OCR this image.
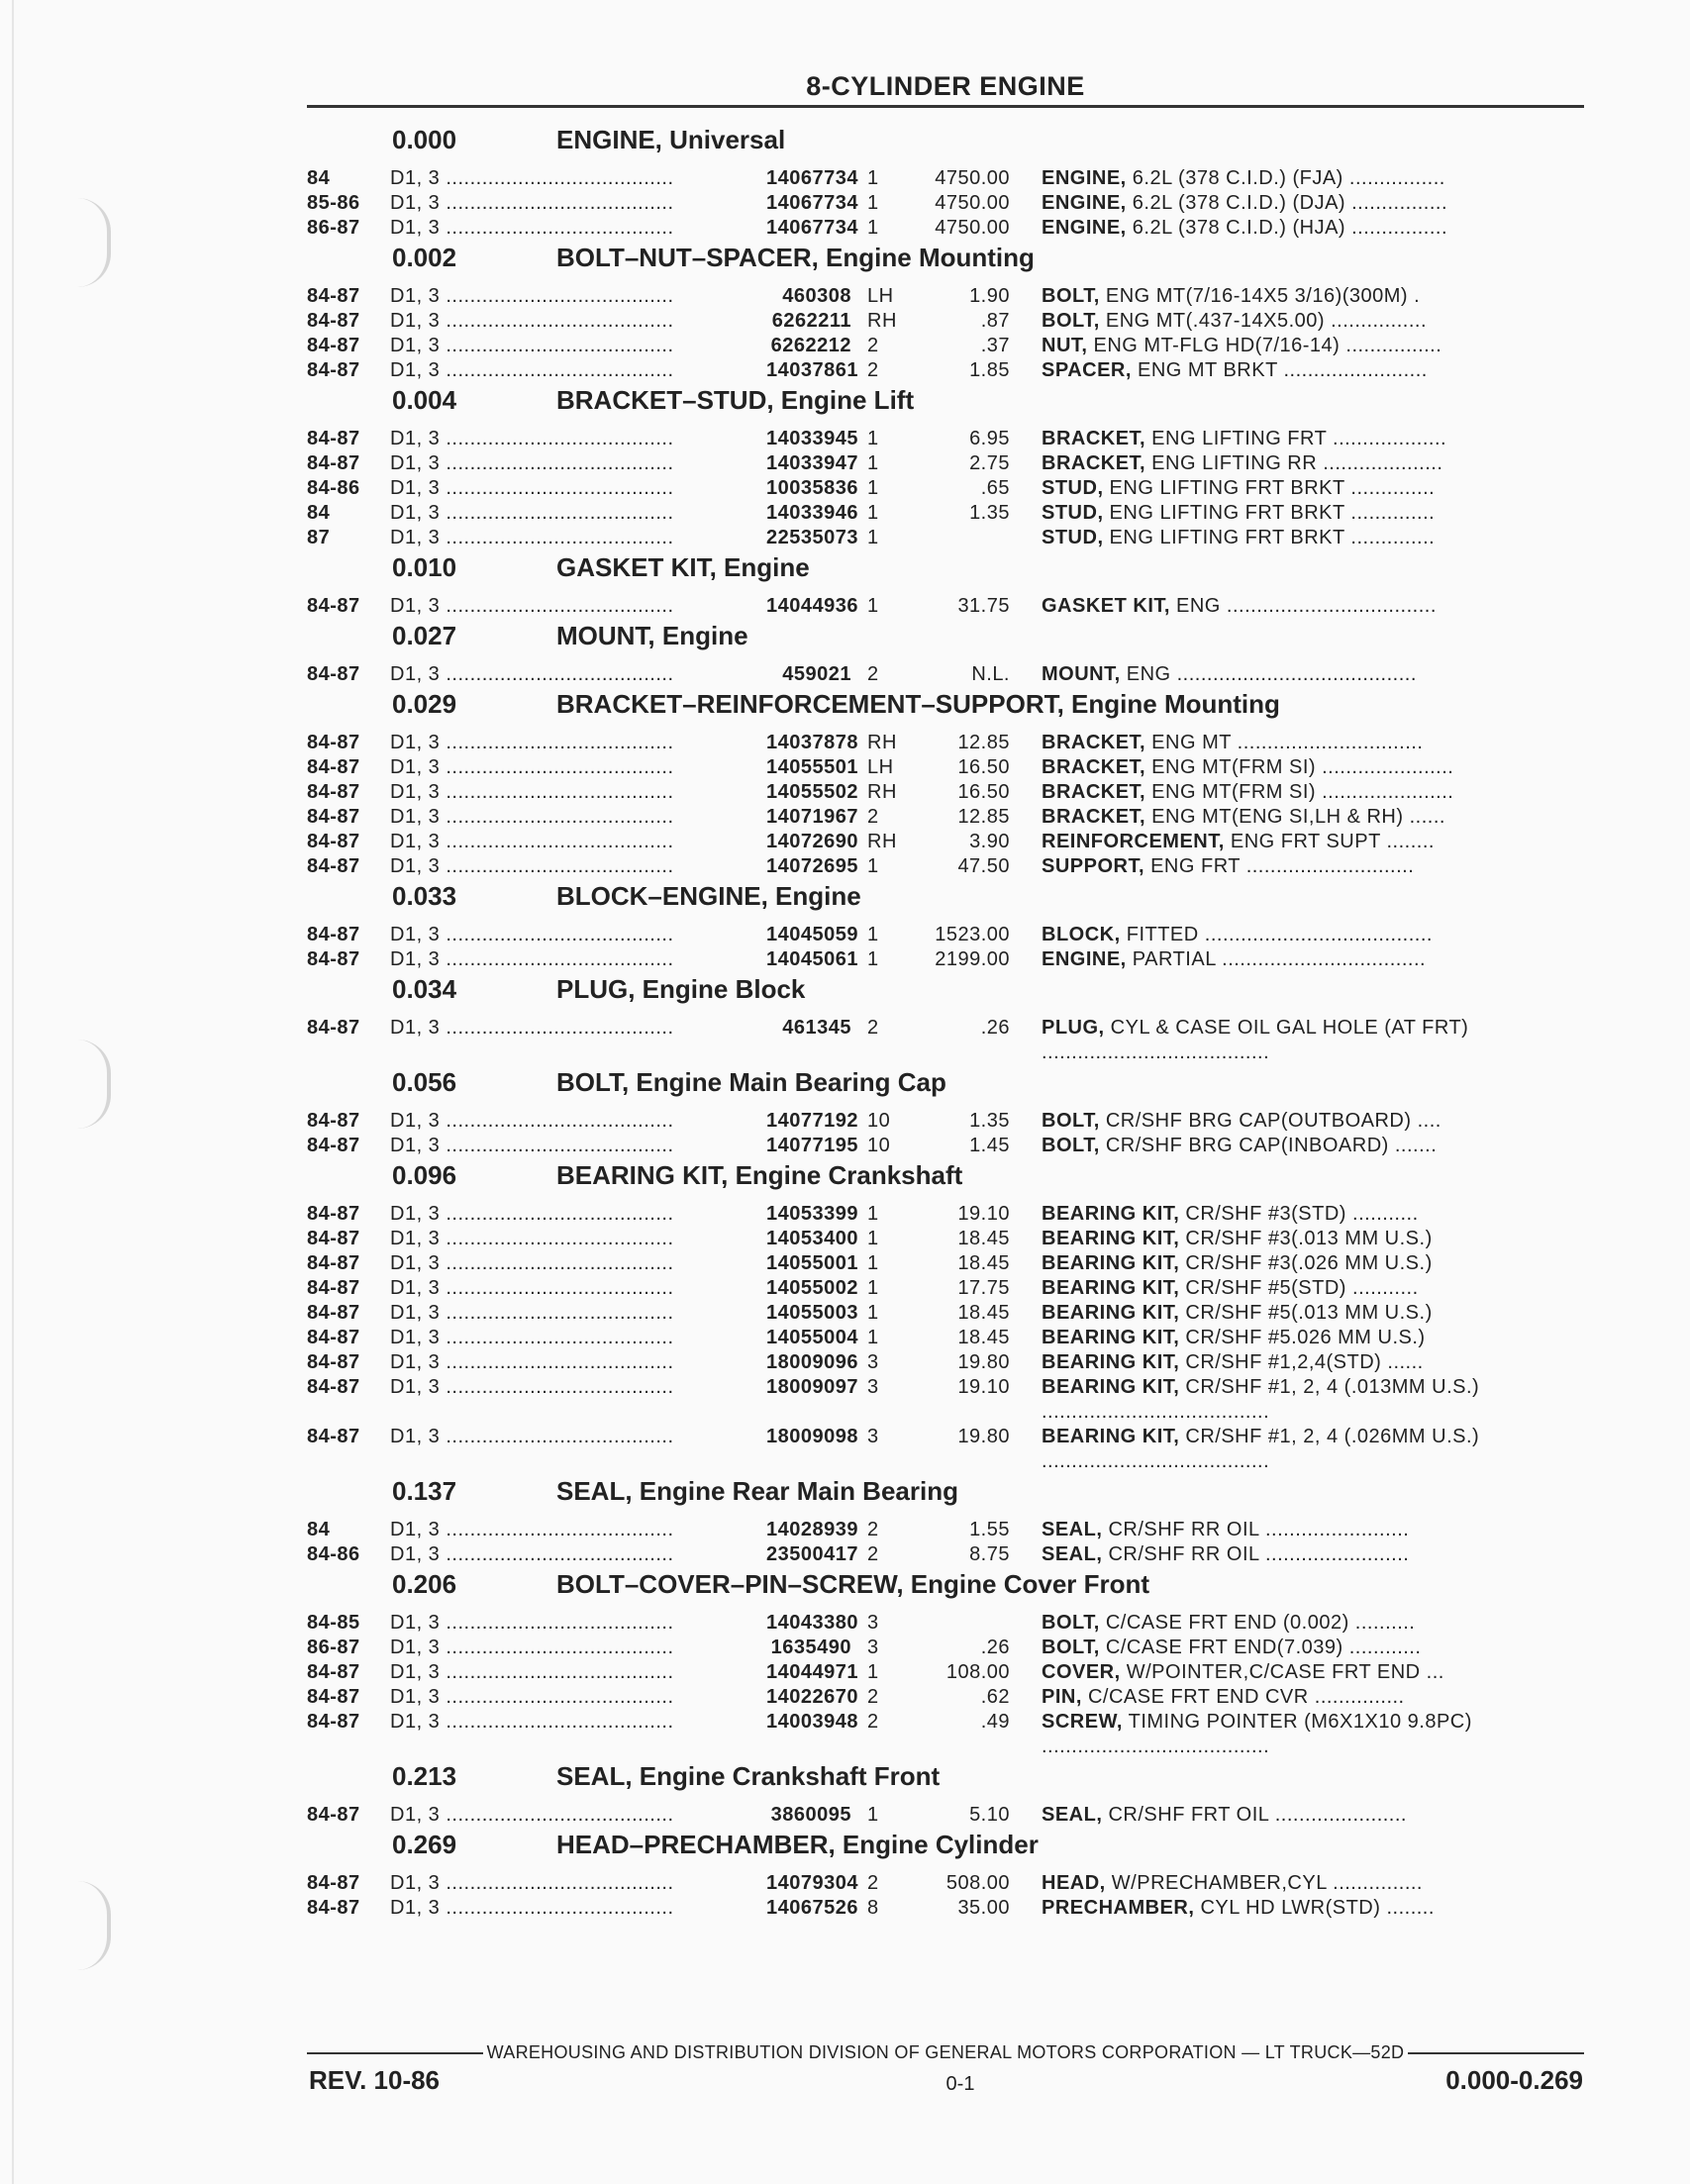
8-CYLINDER ENGINE
0.000	ENGINE, Universal
84	D1, 3 ......................................	14067734 1	4750.00 ENGINE, 6.2L (378 C.I.D.) (FJA) ................
85-86	D1, 3 ......................................	14067734 1	4750.00 ENGINE, 6.2L (378 C.I.D.) (DJA) ................
86-87	D1, 3 ......................................	14067734 1	4750.00 ENGINE, 6.2L (378 C.I.D.) (HJA) ................
0.002	BOLT–NUT–SPACER, Engine Mounting
84-87	D1, 3 ......................................	460308 LH	1.90 BOLT, ENG MT(7/16-14X5 3/16)(300M) .
84-87	D1, 3 ......................................	6262211 RH	.87 BOLT, ENG MT(.437-14X5.00) ................
84-87	D1, 3 ......................................	6262212 2	.37 NUT, ENG MT-FLG HD(7/16-14) ................
84-87	D1, 3 ......................................	14037861 2	1.85 SPACER, ENG MT BRKT ........................
0.004	BRACKET–STUD, Engine Lift
84-87	D1, 3 ......................................	14033945 1	6.95 BRACKET, ENG LIFTING FRT ...................
84-87	D1, 3 ......................................	14033947 1	2.75 BRACKET, ENG LIFTING RR ....................
84-86	D1, 3 ......................................	10035836 1	.65 STUD, ENG LIFTING FRT BRKT ..............
84	D1, 3 ......................................	14033946 1	1.35 STUD, ENG LIFTING FRT BRKT ..............
87	D1, 3 ......................................	22535073 1	STUD, ENG LIFTING FRT BRKT ..............
0.010	GASKET KIT, Engine
84-87	D1, 3 ......................................	14044936 1	31.75 GASKET KIT, ENG ...................................
0.027	MOUNT, Engine
84-87	D1, 3 ......................................	459021 2	N.L. MOUNT, ENG ........................................
0.029	BRACKET–REINFORCEMENT–SUPPORT, Engine Mounting
84-87	D1, 3 ......................................	14037878 RH	12.85 BRACKET, ENG MT ...............................
84-87	D1, 3 ......................................	14055501 LH	16.50 BRACKET, ENG MT(FRM SI) ......................
84-87	D1, 3 ......................................	14055502 RH	16.50 BRACKET, ENG MT(FRM SI) ......................
84-87	D1, 3 ......................................	14071967 2	12.85 BRACKET, ENG MT(ENG SI,LH & RH) ......
84-87	D1, 3 ......................................	14072690 RH	3.90 REINFORCEMENT, ENG FRT SUPT ........
84-87	D1, 3 ......................................	14072695 1	47.50 SUPPORT, ENG FRT ............................
0.033	BLOCK–ENGINE, Engine
84-87	D1, 3 ......................................	14045059 1	1523.00 BLOCK, FITTED ......................................
84-87	D1, 3 ......................................	14045061 1	2199.00 ENGINE, PARTIAL ..................................
0.034	PLUG, Engine Block
84-87	D1, 3 ......................................	461345 2	.26 PLUG, CYL & CASE OIL GAL HOLE (AT FRT) ......................................
0.056	BOLT, Engine Main Bearing Cap
84-87	D1, 3 ......................................	14077192 10	1.35 BOLT, CR/SHF BRG CAP(OUTBOARD) ....
84-87	D1, 3 ......................................	14077195 10	1.45 BOLT, CR/SHF BRG CAP(INBOARD) .......
0.096	BEARING KIT, Engine Crankshaft
84-87	D1, 3 ......................................	14053399 1	19.10 BEARING KIT, CR/SHF #3(STD) ...........
84-87	D1, 3 ......................................	14053400 1	18.45 BEARING KIT, CR/SHF #3(.013 MM U.S.)
84-87	D1, 3 ......................................	14055001 1	18.45 BEARING KIT, CR/SHF #3(.026 MM U.S.)
84-87	D1, 3 ......................................	14055002 1	17.75 BEARING KIT, CR/SHF #5(STD) ...........
84-87	D1, 3 ......................................	14055003 1	18.45 BEARING KIT, CR/SHF #5(.013 MM U.S.)
84-87	D1, 3 ......................................	14055004 1	18.45 BEARING KIT, CR/SHF #5.026 MM U.S.)
84-87	D1, 3 ......................................	18009096 3	19.80 BEARING KIT, CR/SHF #1,2,4(STD) ......
84-87	D1, 3 ......................................	18009097 3	19.10 BEARING KIT, CR/SHF #1, 2, 4 (.013MM U.S.) ......................................
84-87	D1, 3 ......................................	18009098 3	19.80 BEARING KIT, CR/SHF #1, 2, 4 (.026MM U.S.) ......................................
0.137	SEAL, Engine Rear Main Bearing
84	D1, 3 ......................................	14028939 2	1.55 SEAL, CR/SHF RR OIL ........................
84-86	D1, 3 ......................................	23500417 2	8.75 SEAL, CR/SHF RR OIL ........................
0.206	BOLT–COVER–PIN–SCREW, Engine Cover Front
84-85	D1, 3 ......................................	14043380 3	BOLT, C/CASE FRT END (0.002) ..........
86-87	D1, 3 ......................................	1635490 3	.26 BOLT, C/CASE FRT END(7.039) ............
84-87	D1, 3 ......................................	14044971 1	108.00 COVER, W/POINTER,C/CASE FRT END ...
84-87	D1, 3 ......................................	14022670 2	.62 PIN, C/CASE FRT END CVR ...............
84-87	D1, 3 ......................................	14003948 2	.49 SCREW, TIMING POINTER (M6X1X10 9.8PC) ......................................
0.213	SEAL, Engine Crankshaft Front
84-87	D1, 3 ......................................	3860095 1	5.10 SEAL, CR/SHF FRT OIL ......................
0.269	HEAD–PRECHAMBER, Engine Cylinder
84-87	D1, 3 ......................................	14079304 2	508.00 HEAD, W/PRECHAMBER,CYL ...............
84-87	D1, 3 ......................................	14067526 8	35.00 PRECHAMBER, CYL HD LWR(STD) ........
WAREHOUSING AND DISTRIBUTION DIVISION OF GENERAL MOTORS CORPORATION — LT TRUCK—52D
REV. 10-86	0-1	0.000-0.269
